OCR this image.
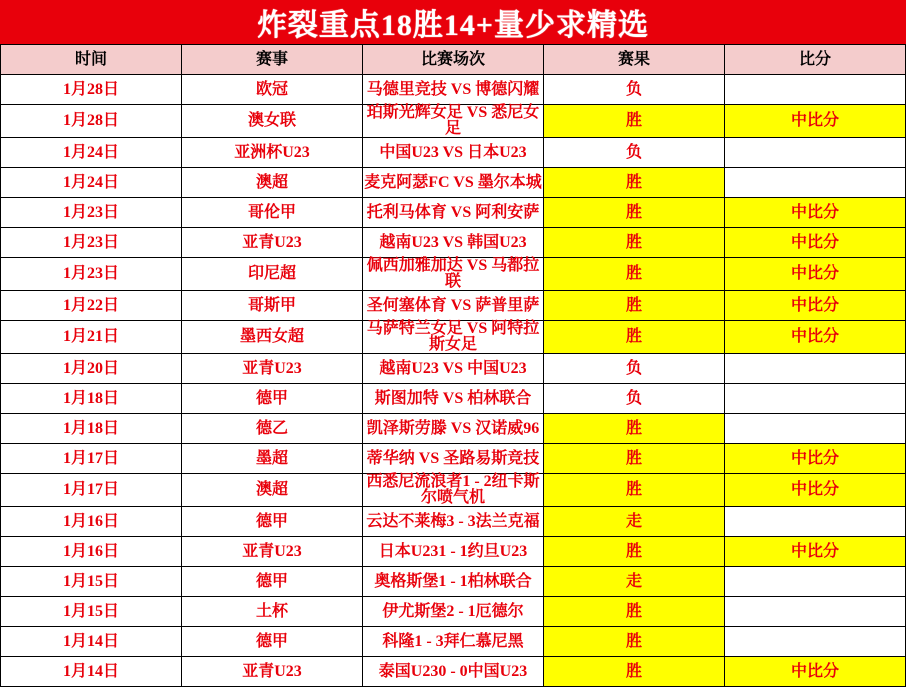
炸裂重点18胜14+量少求精选
时间	赛事	比赛场次	赛果	比分
1月28日	欧冠	马德里竞技 VS 博德闪耀	负	
1月28日	澳女联	珀斯光辉女足 VS 悉尼女足	胜	中比分
1月24日	亚洲杯U23	中国U23 VS 日本U23	负	
1月24日	澳超	麦克阿瑟FC VS 墨尔本城	胜	
1月23日	哥伦甲	托利马体育 VS 阿利安萨	胜	中比分
1月23日	亚青U23	越南U23 VS 韩国U23	胜	中比分
1月23日	印尼超	佩西加雅加达 VS 马都拉联	胜	中比分
1月22日	哥斯甲	圣何塞体育 VS 萨普里萨	胜	中比分
1月21日	墨西女超	马萨特兰女足 VS 阿特拉斯女足	胜	中比分
1月20日	亚青U23	越南U23 VS 中国U23	负	
1月18日	德甲	斯图加特 VS 柏林联合	负	
1月18日	德乙	凯泽斯劳滕 VS 汉诺威96	胜	
1月17日	墨超	蒂华纳 VS 圣路易斯竞技	胜	中比分
1月17日	澳超	西悉尼流浪者1 - 2纽卡斯尔喷气机	胜	中比分
1月16日	德甲	云达不莱梅3 - 3法兰克福	走	
1月16日	亚青U23	日本U231 - 1约旦U23	胜	中比分
1月15日	德甲	奥格斯堡1 - 1柏林联合	走	
1月15日	土杯	伊尤斯堡2 - 1厄德尔	胜	
1月14日	德甲	科隆1 - 3拜仁慕尼黑	胜	
1月14日	亚青U23	泰国U230 - 0中国U23	胜	中比分
